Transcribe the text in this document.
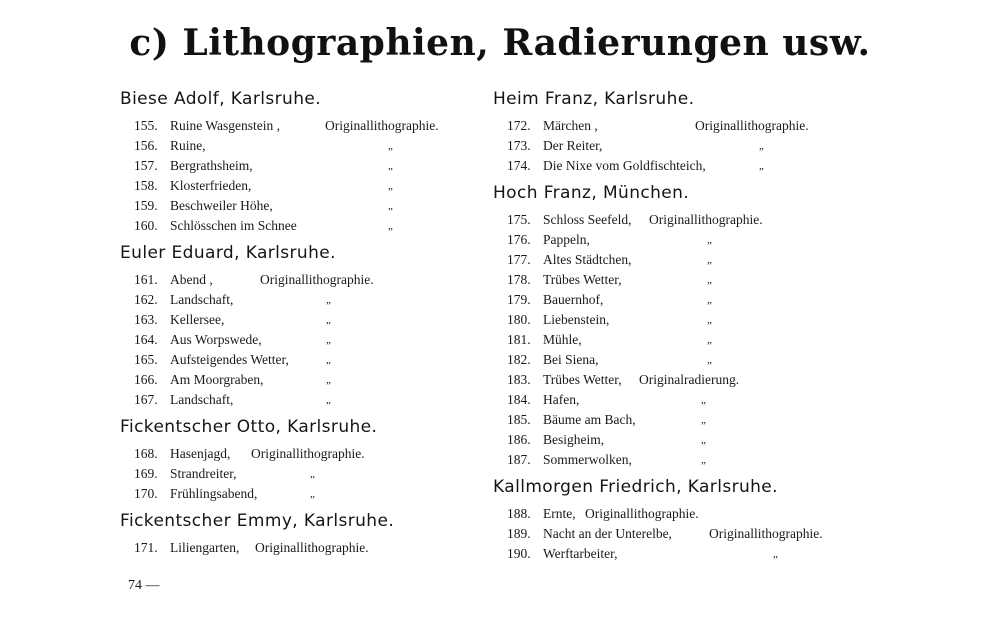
c) Lithographien, Radierungen usw.
Biese Adolf, Karlsruhe.
155. Ruine Wasgenstein ,	Originallithographie.
156. Ruine,	„
157. Bergrathsheim,	„
158. Klosterfrieden,	„
159. Beschweiler Höhe,	„
160. Schlösschen im Schnee	„
Euler Eduard, Karlsruhe.
161. Abend ,	Originallithographie.
162. Landschaft,	„
163. Kellersee,	„
164. Aus Worpswede,	„
165. Aufsteigendes Wetter,	„
166. Am Moorgraben,	„
167. Landschaft,	„
Fickentscher Otto, Karlsruhe.
168. Hasenjagd, Originallithographie.
169. Strandreiter,	„
170. Frühlingsabend,	„
Fickentscher Emmy, Karlsruhe.
171. Liliengarten, Originallithographie.
Heim Franz, Karlsruhe.
172. Märchen ,	Originallithographie.
173. Der Reiter,	„
174. Die Nixe vom Goldfischteich,	„
Hoch Franz, München.
175. Schloss Seefeld, Originallithographie.
176. Pappeln,	„
177. Altes Städtchen,	„
178. Trübes Wetter,	„
179. Bauernhof,	„
180. Liebenstein,	„
181. Mühle,	„
182. Bei Siena,	„
183. Trübes Wetter, Originalradierung.
184. Hafen,	„
185. Bäume am Bach,	„
186. Besigheim,	„
187. Sommerwolken,	„
Kallmorgen Friedrich, Karlsruhe.
188. Ernte, Originallithographie.
189. Nacht an der Unterelbe,	Originallithographie.
190. Werftarbeiter,	„
74 —
